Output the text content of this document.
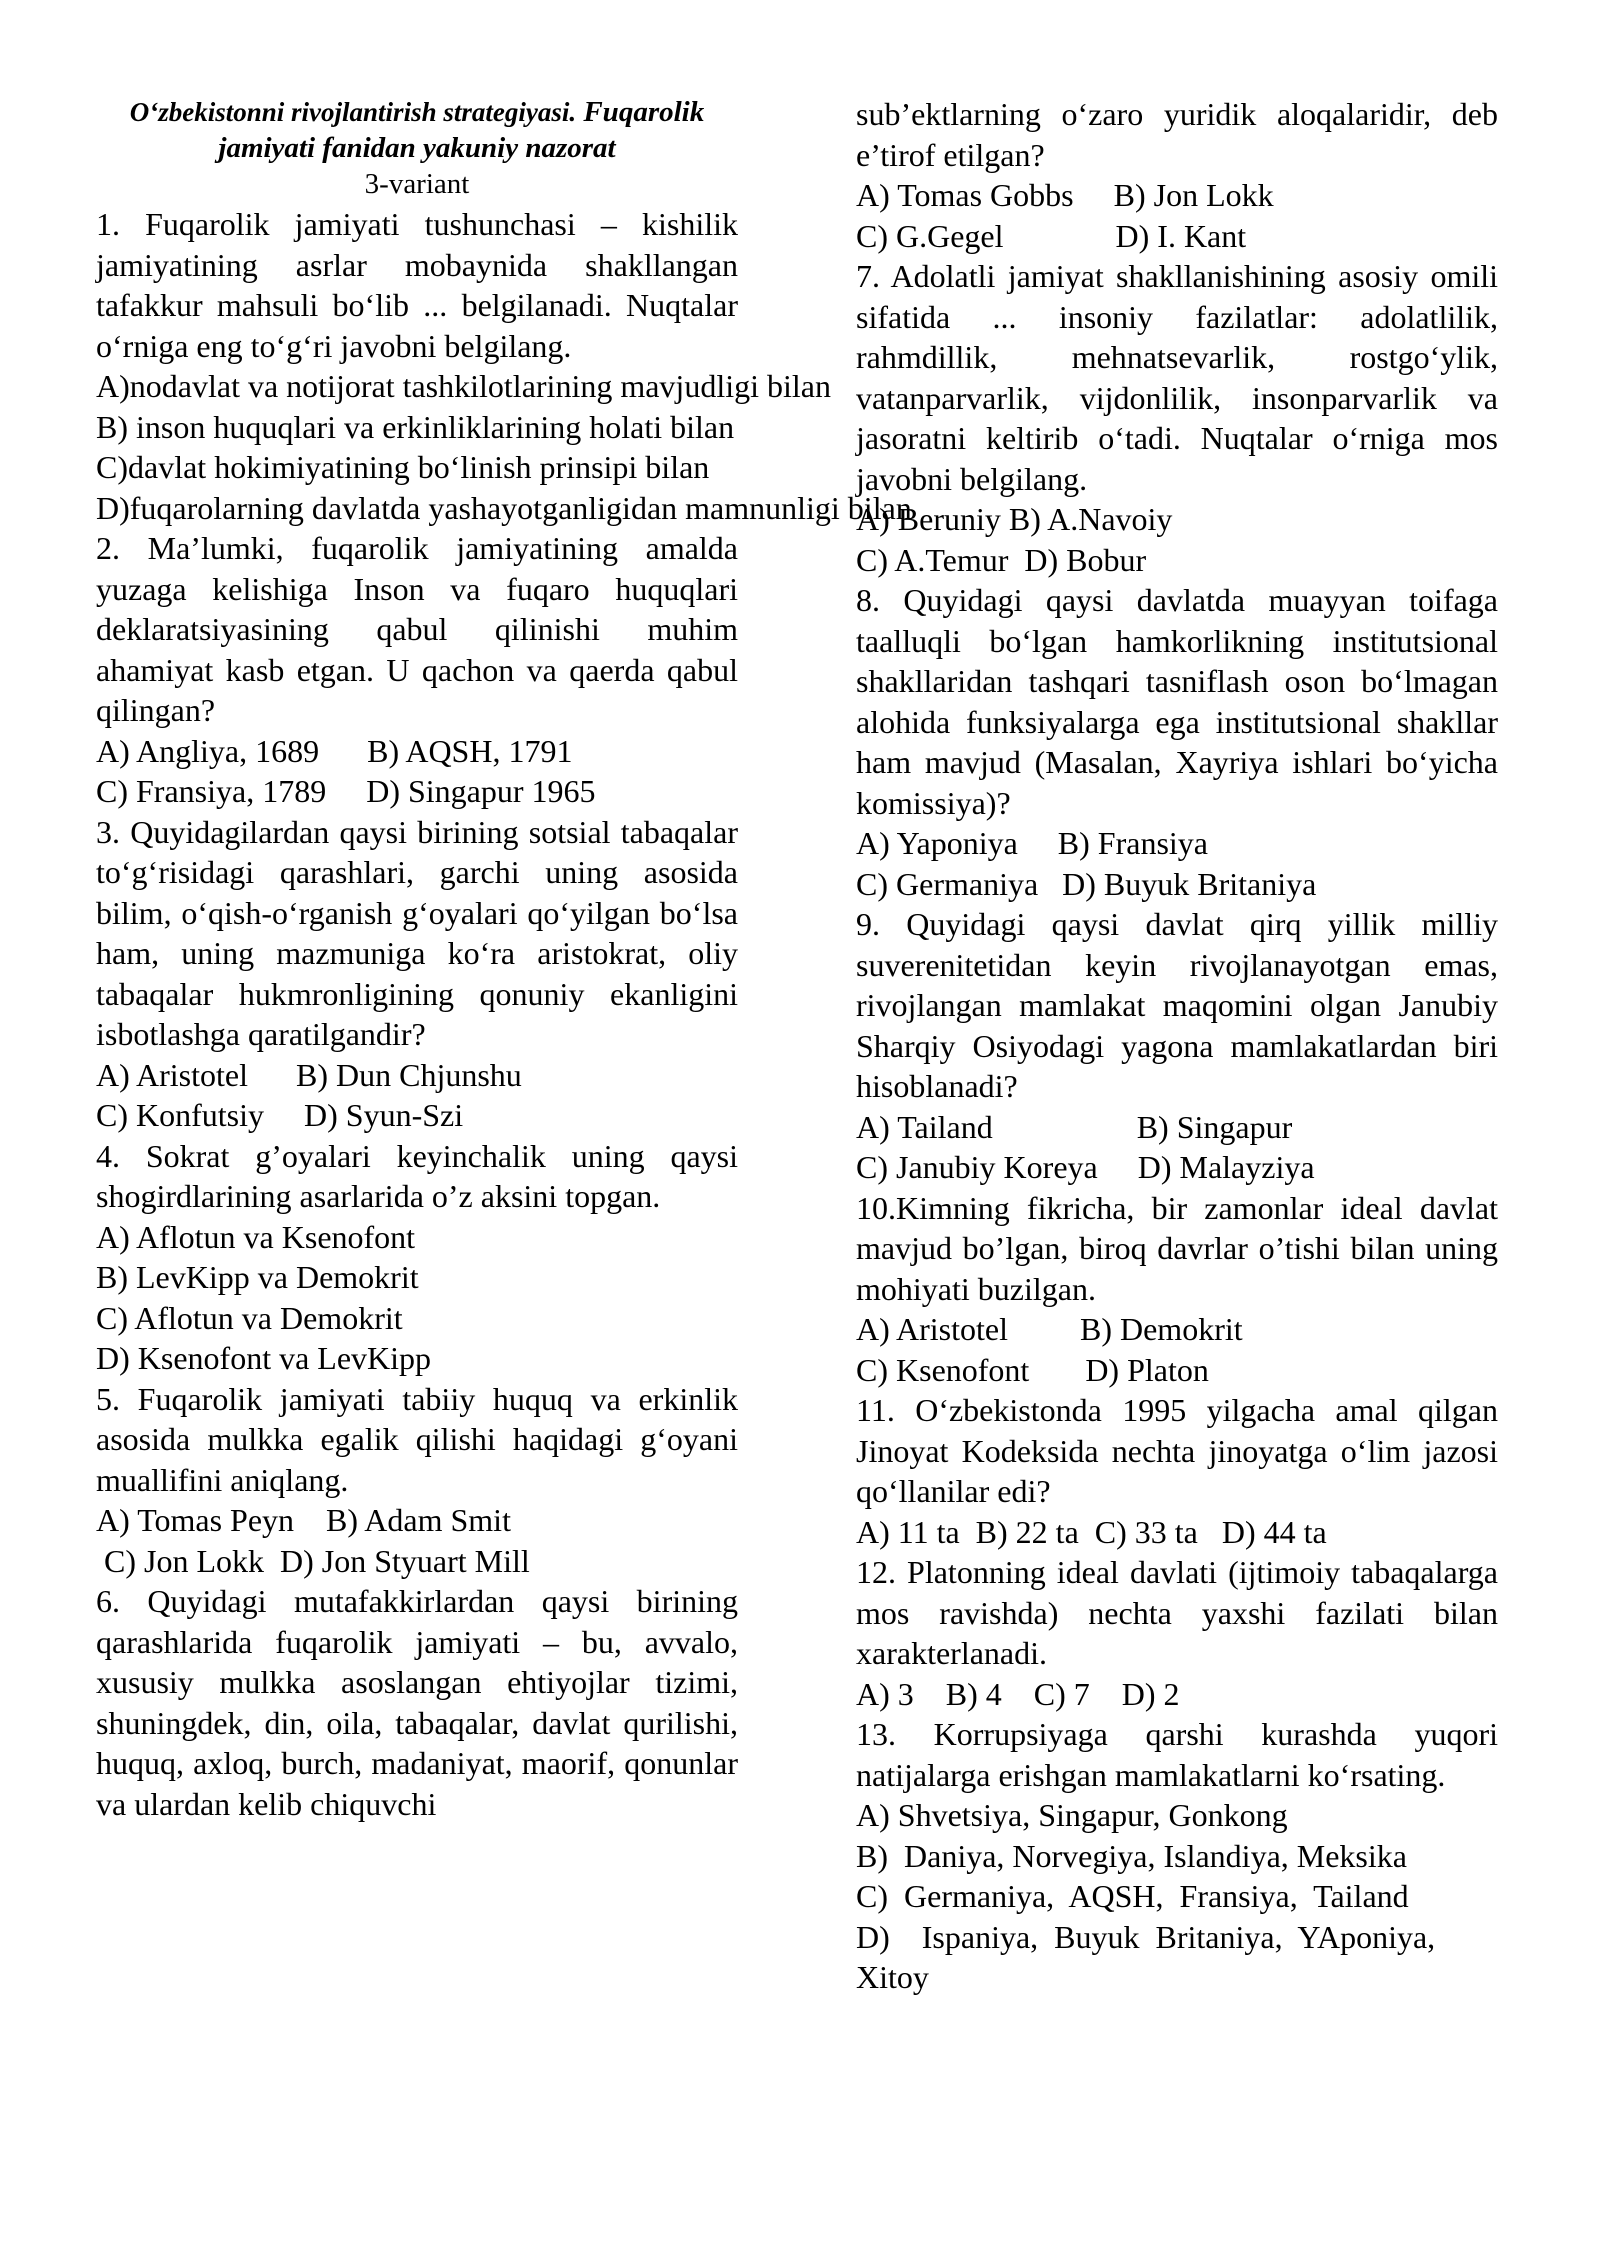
O‘zbekistonni rivojlantirish strategiyasi. Fuqarolik

jamiyati fanidan yakuniy nazorat

3-variant

1. Fuqarolik jamiyati tushunchasi – kishilik jamiyatining asrlar mobaynida shakllangan tafakkur mahsuli bo‘lib ... belgilanadi. Nuqtalar o‘rniga eng to‘g‘ri javobni belgilang.

A)nodavlat va notijorat tashkilotlarining mavjudligi bilan

B) inson huquqlari va erkinliklarining holati bilan

C)davlat hokimiyatining bo‘linish prinsipi bilan

D)fuqarolarning davlatda yashayotganligidan mamnunligi bilan

2. Ma’lumki, fuqarolik jamiyatining amalda yuzaga kelishiga Inson va fuqaro huquqlari deklaratsiyasining qabul qilinishi muhim ahamiyat kasb etgan. U qachon va qaerda qabul qilingan?

A) Angliya, 1689      B) AQSH, 1791

C) Fransiya, 1789     D) Singapur 1965

3. Quyidagilardan qaysi birining sotsial tabaqalar to‘g‘risidagi qarashlari, garchi uning asosida bilim, o‘qish-o‘rganish g‘oyalari qo‘yilgan bo‘lsa ham, uning mazmuniga ko‘ra aristokrat, oliy tabaqalar hukmronligining qonuniy ekanligini isbotlashga qaratilgandir?

A) Aristotel      B) Dun Chjunshu

C) Konfutsiy     D) Syun-Szi

4. Sokrat g’oyalari keyinchalik uning qaysi shogirdlarining asarlarida o’z aksini topgan.

A) Aflotun va Ksenofont

B) LevKipp va Demokrit

C) Aflotun va Demokrit

D) Ksenofont va LevKipp

5. Fuqarolik jamiyati tabiiy huquq va erkinlik asosida mulkka egalik qilishi haqidagi g‘oyani muallifini aniqlang.

A) Tomas Peyn    B) Adam Smit

C) Jon Lokk  D) Jon Styuart Mill

6. Quyidagi mutafakkirlardan qaysi birining qarashlarida fuqarolik jamiyati – bu, avvalo, xususiy mulkka asoslangan ehtiyojlar tizimi, shuningdek, din, oila, tabaqalar, davlat qurilishi, huquq, axloq, burch, madaniyat, maorif, qonunlar va ulardan kelib chiquvchi

sub’ektlarning o‘zaro yuridik aloqalaridir, deb e’tirof etilgan?

A) Tomas Gobbs     B) Jon Lokk

C) G.Gegel              D) I. Kant

7. Adolatli jamiyat shakllanishining asosiy omili sifatida ... insoniy fazilatlar: adolatlilik, rahmdillik, mehnatsevarlik, rostgo‘ylik, vatanparvarlik, vijdonlilik, insonparvarlik va jasoratni keltirib o‘tadi. Nuqtalar o‘rniga mos javobni belgilang.

A) Beruniy B) A.Navoiy

C) A.Temur  D) Bobur

8. Quyidagi qaysi davlatda muayyan toifaga taalluqli bo‘lgan hamkorlikning institutsional shakllaridan tashqari tasniflash oson bo‘lmagan alohida funksiyalarga ega institutsional shakllar ham mavjud (Masalan, Xayriya ishlari bo‘yicha komissiya)?

A) Yaponiya     B) Fransiya

C) Germaniya   D) Buyuk Britaniya

9. Quyidagi qaysi davlat qirq yillik milliy suverenitetidan keyin rivojlanayotgan emas, rivojlangan mamlakat maqomini olgan Janubiy Sharqiy Osiyodagi yagona mamlakatlardan biri hisoblanadi?

A) Tailand                  B) Singapur

C) Janubiy Koreya     D) Malayziya

10.Kimning fikricha, bir zamonlar ideal davlat mavjud bo’lgan, biroq davrlar o’tishi bilan uning mohiyati buzilgan.

A) Aristotel         B) Demokrit

C) Ksenofont       D) Platon

11. O‘zbekistonda 1995 yilgacha amal qilgan Jinoyat Kodeksida nechta jinoyatga o‘lim jazosi qo‘llanilar edi?

A) 11 ta  B) 22 ta  C) 33 ta   D) 44 ta

12. Platonning ideal davlati (ijtimoiy tabaqalarga mos ravishda) nechta yaxshi fazilati bilan xarakterlanadi.

A) 3    B) 4    C) 7    D) 2

13. Korrupsiyaga qarshi kurashda yuqori natijalarga erishgan mamlakatlarni ko‘rsating.

A) Shvetsiya, Singapur, Gonkong

B)  Daniya, Norvegiya, Islandiya, Meksika

C)  Germaniya,  AQSH,  Fransiya,  Tailand

D)    Ispaniya,  Buyuk  Britaniya,  YAponiya,

Xitoy
